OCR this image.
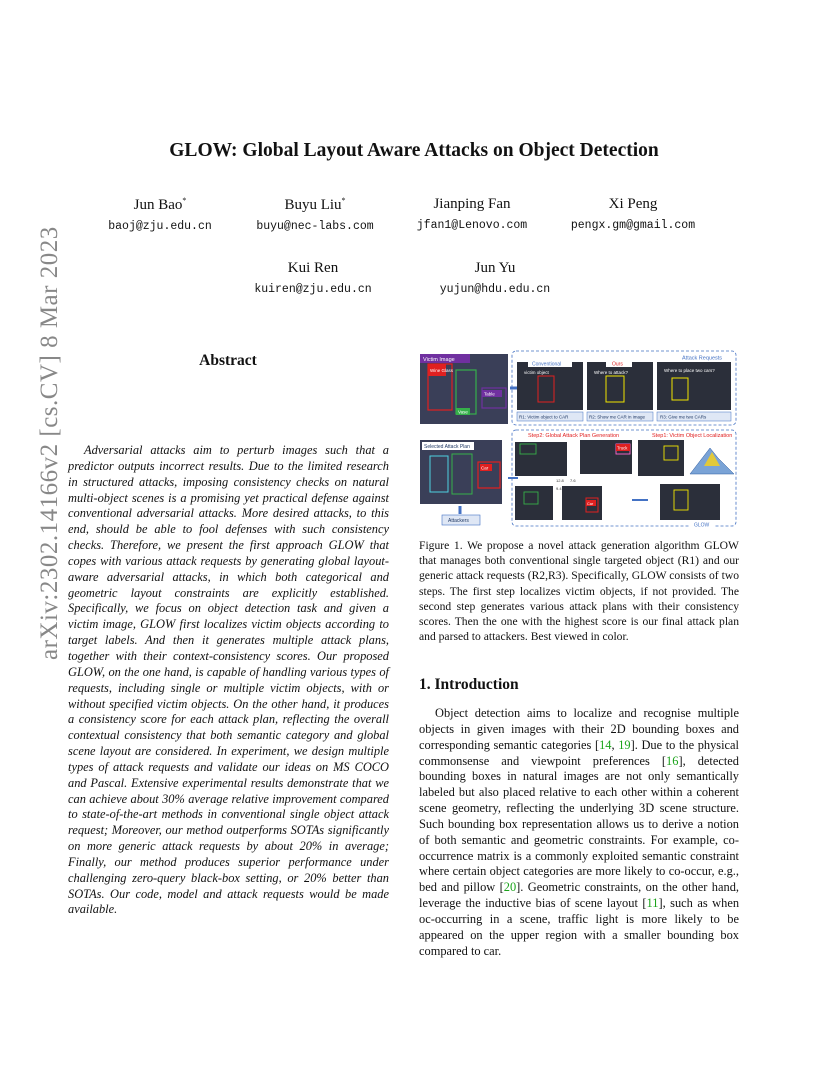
arXiv:2302.14166v2 [cs.CV] 8 Mar 2023
GLOW: Global Layout Aware Attacks on Object Detection
Jun Bao*
baoj@zju.edu.cn
Buyu Liu*
buyu@nec-labs.com
Jianping Fan
jfan1@Lenovo.com
Xi Peng
pengx.gm@gmail.com
Kui Ren
kuiren@zju.edu.cn
Jun Yu
yujun@hdu.edu.cn
Abstract
Adversarial attacks aim to perturb images such that a predictor outputs incorrect results. Due to the limited research in structured attacks, imposing consistency checks on natural multi-object scenes is a promising yet practical defense against conventional adversarial attacks. More desired attacks, to this end, should be able to fool defenses with such consistency checks. Therefore, we present the first approach GLOW that copes with various attack requests by generating global layout-aware adversarial attacks, in which both categorical and geometric layout constraints are explicitly established. Specifically, we focus on object detection task and given a victim image, GLOW first localizes victim objects according to target labels. And then it generates multiple attack plans, together with their context-consistency scores. Our proposed GLOW, on the one hand, is capable of handling various types of requests, including single or multiple victim objects, with or without specified victim objects. On the other hand, it produces a consistency score for each attack plan, reflecting the overall contextual consistency that both semantic category and global scene layout are considered. In experiment, we design multiple types of attack requests and validate our ideas on MS COCO and Pascal. Extensive experimental results demonstrate that we can achieve about 30% average relative improvement compared to state-of-the-art methods in conventional single object attack request; Moreover, our method outperforms SOTAs significantly on more generic attack requests by about 20% in average; Finally, our method produces superior performance under challenging zero-query black-box setting, or 20% better than SOTAs. Our code, model and attack requests would be made available.
Victim Image
Wine Glass
Vase
Table
Attack Requests
Conventional
victim object
Ours
Where to attack?	Where to place two cars?
R1: Victim object to CAR	R2: Show me CAR in image	R3: Give me two CARs
Step2: Global Attack Plan Generation	Step1: Victim Object Localization
Selected Attack Plan
Car
Attackers
Truck
12.8 7.6
9.4
Car
GLOW
Figure 1. We propose a novel attack generation algorithm GLOW that manages both conventional single targeted object (R1) and our generic attack requests (R2,R3). Specifically, GLOW consists of two steps. The first step localizes victim objects, if not provided. The second step generates various attack plans with their consistency scores. Then the one with the highest score is our final attack plan and parsed to attackers. Best viewed in color.
1. Introduction
Object detection aims to localize and recognise multiple objects in given images with their 2D bounding boxes and corresponding semantic categories [14, 19]. Due to the physical commonsense and viewpoint preferences [16], detected bounding boxes in natural images are not only semantically labeled but also placed relative to each other within a coherent scene geometry, reflecting the underlying 3D scene structure. Such bounding box representation allows us to derive a notion of both semantic and geometric constraints. For example, co-occurrence matrix is a commonly exploited semantic constraint where certain object categories are more likely to co-occur, e.g., bed and pillow [20]. Geometric constraints, on the other hand, leverage the inductive bias of scene layout [11], such as when oc-occurring in a scene, traffic light is more likely to be appeared on the upper region with a smaller bounding box compared to car.
